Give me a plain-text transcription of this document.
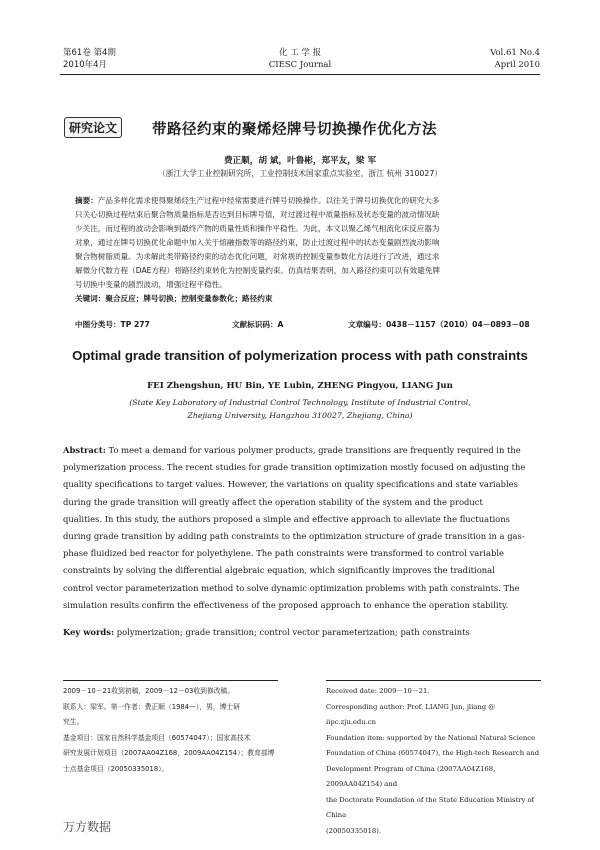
第61卷 第4期
2010年4月
化 工 学 报
CIESC Journal
Vol.61 No.4
April 2010
研究论文	带路径约束的聚烯烃牌号切换操作优化方法
费正顺，胡 斌，叶鲁彬，郑平友，梁 军
（浙江大学工业控制研究所，工业控制技术国家重点实验室，浙江 杭州 310027）
摘要：产品多样化需求使得聚烯烃生产过程中经常需要进行牌号切换操作。以往关于牌号切换优化的研究大多
只关心切换过程结束后聚合物质量指标是否达到目标牌号值，对过渡过程中质量指标及状态变量的波动情况缺
少关注，而过程的波动会影响到最终产物的质量性质和操作平稳性。为此，本文以聚乙烯气相流化床反应器为
对象，通过在牌号切换优化命题中加入关于熔融指数等的路径约束，防止过渡过程中的状态变量剧烈波动影响
聚合物树脂质量。为求解此类带路径约束的动态优化问题，对常规的控制变量参数化方法进行了改进，通过求
解微分代数方程（DAE方程）将路径约束转化为控制变量约束。仿真结果表明，加入路径约束可以有效避免牌
号切换中变量的剧烈波动，增强过程平稳性。
关键词：聚合反应；牌号切换；控制变量参数化；路径约束
中图分类号：TP 277	文献标识码：A	文章编号：0438－1157（2010）04－0893－08
Optimal grade transition of polymerization process with path constraints
FEI Zhengshun, HU Bin, YE Lubin, ZHENG Pingyou, LIANG Jun
(State Key Laboratory of Industrial Control Technology, Institute of Industrial Control,
Zhejiang University, Hangzhou 310027, Zhejiang, China)
Abstract: To meet a demand for various polymer products, grade transitions are frequently required in the
polymerization process. The recent studies for grade transition optimization mostly focused on adjusting the
quality specifications to target values. However, the variations on quality specifications and state variables
during the grade transition will greatly affect the operation stability of the system and the product
qualities. In this study, the authors proposed a simple and effective approach to alleviate the fluctuations
during grade transition by adding path constraints to the optimization structure of grade transition in a gas-
phase fluidized bed reactor for polyethylene. The path constraints were transformed to control variable
constraints by solving the differential algebraic equation, which significantly improves the traditional
control vector parameterization method to solve dynamic optimization problems with path constraints. The
simulation results confirm the effectiveness of the proposed approach to enhance the operation stability.
Key words: polymerization; grade transition; control vector parameterization; path constraints
2009－10－21收到初稿，2009－12－03收到修改稿。
联系人：梁军。第一作者：费正顺（1984—），男，博士研
究生。
基金项目：国家自然科学基金项目（60574047）；国家高技术
研究发展计划项目（2007AA04Z168，2009AA04Z154）；教育部博
士点基金项目（20050335018）。
Received date: 2009－10－21.
Corresponding author: Prof. LIANG Jun, jliang @
iipc.zju.edu.cn
Foundation item: supported by the National Natural Science
Foundation of China (60574047), the High-tech Research and
Development Program of China (2007AA04Z168, 2009AA04Z154) and
the Doctorate Foundation of the State Education Ministry of China
(20050335018).
万方数据
